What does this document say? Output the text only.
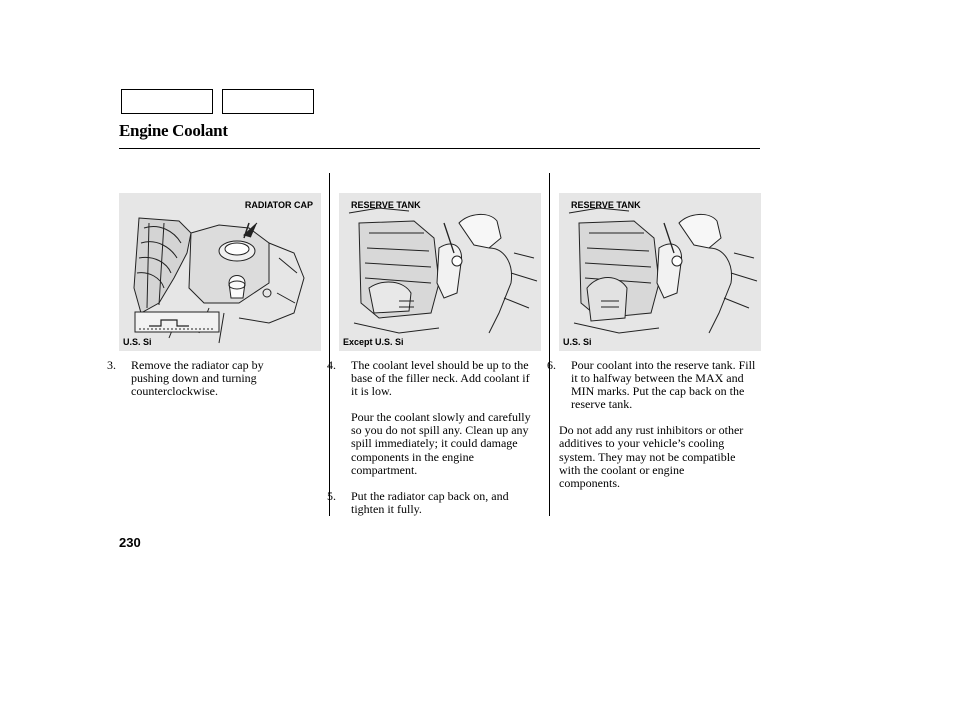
Engine Coolant
RADIATOR CAP
U.S. Si
RESERVE TANK
Except U.S. Si
RESERVE TANK
U.S. Si

3. Remove the radiator cap by pushing down and turning counterclockwise.

4. The coolant level should be up to the base of the filler neck. Add coolant if it is low.

Pour the coolant slowly and carefully so you do not spill any. Clean up any spill immediately; it could damage components in the engine compartment.

5. Put the radiator cap back on, and tighten it fully.

6. Pour coolant into the reserve tank. Fill it to halfway between the MAX and MIN marks. Put the cap back on the reserve tank.

Do not add any rust inhibitors or other additives to your vehicle’s cooling system. They may not be compatible with the coolant or engine components.

230
